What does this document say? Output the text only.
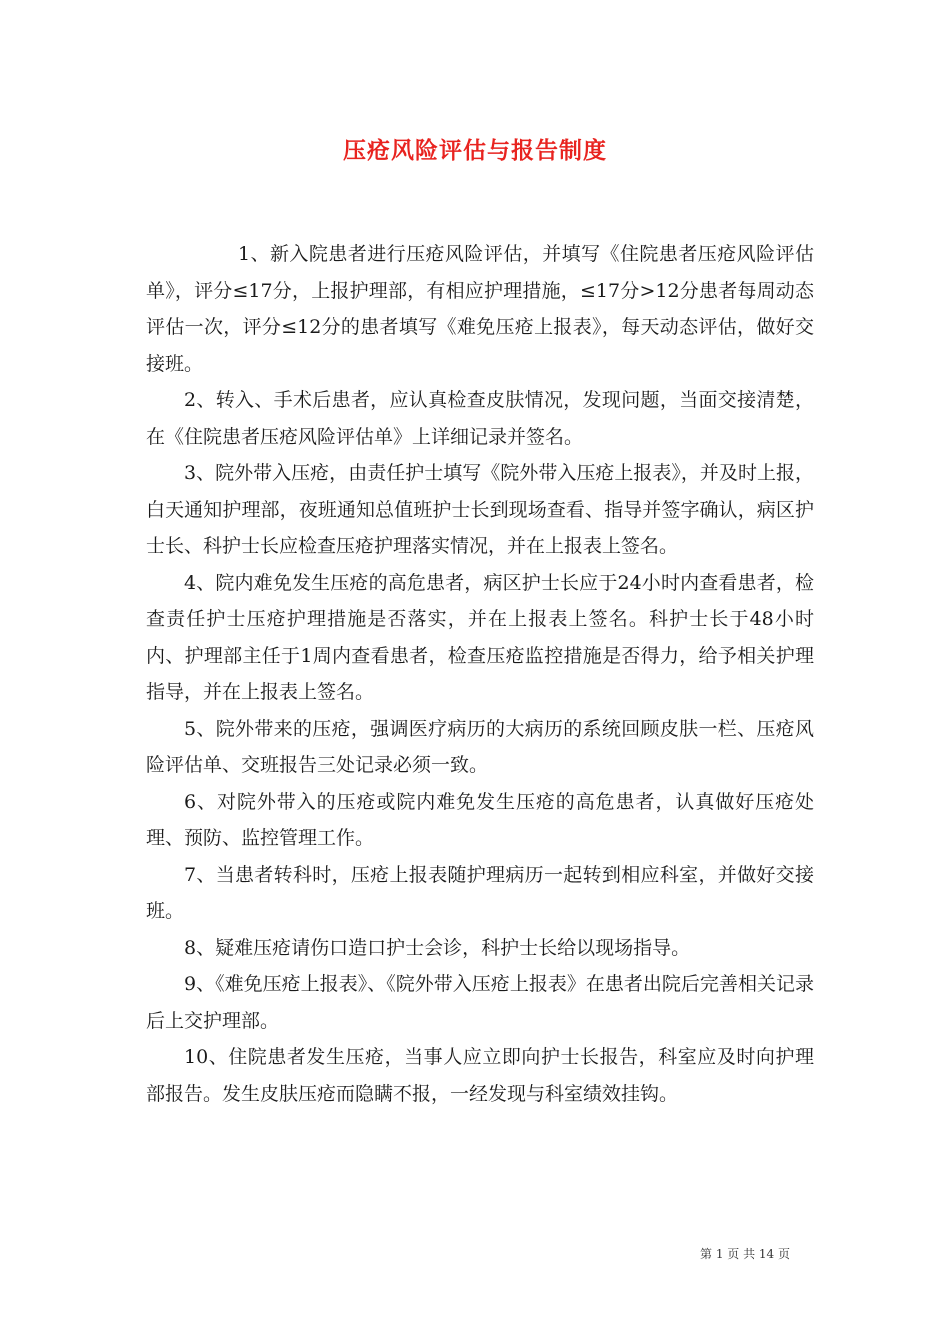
压疮风险评估与报告制度

1、新入院患者进行压疮风险评估，并填写《住院患者压疮风险评估单》，评分≤17分，上报护理部，有相应护理措施，≤17分>12分患者每周动态评估一次，评分≤12分的患者填写《难免压疮上报表》，每天动态评估，做好交接班。

2、转入、手术后患者，应认真检查皮肤情况，发现问题，当面交接清楚，在《住院患者压疮风险评估单》上详细记录并签名。

3、院外带入压疮，由责任护士填写《院外带入压疮上报表》，并及时上报，白天通知护理部，夜班通知总值班护士长到现场查看、指导并签字确认，病区护士长、科护士长应检查压疮护理落实情况，并在上报表上签名。

4、院内难免发生压疮的高危患者，病区护士长应于24小时内查看患者，检查责任护士压疮护理措施是否落实，并在上报表上签名。科护士长于48小时内、护理部主任于1周内查看患者，检查压疮监控措施是否得力，给予相关护理指导，并在上报表上签名。

5、院外带来的压疮，强调医疗病历的大病历的系统回顾皮肤一栏、压疮风险评估单、交班报告三处记录必须一致。

6、对院外带入的压疮或院内难免发生压疮的高危患者，认真做好压疮处理、预防、监控管理工作。

7、当患者转科时，压疮上报表随护理病历一起转到相应科室，并做好交接班。

8、疑难压疮请伤口造口护士会诊，科护士长给以现场指导。

9、《难免压疮上报表》、《院外带入压疮上报表》在患者出院后完善相关记录后上交护理部。

10、住院患者发生压疮，当事人应立即向护士长报告，科室应及时向护理部报告。发生皮肤压疮而隐瞒不报，一经发现与科室绩效挂钩。

第 1 页 共 14 页
